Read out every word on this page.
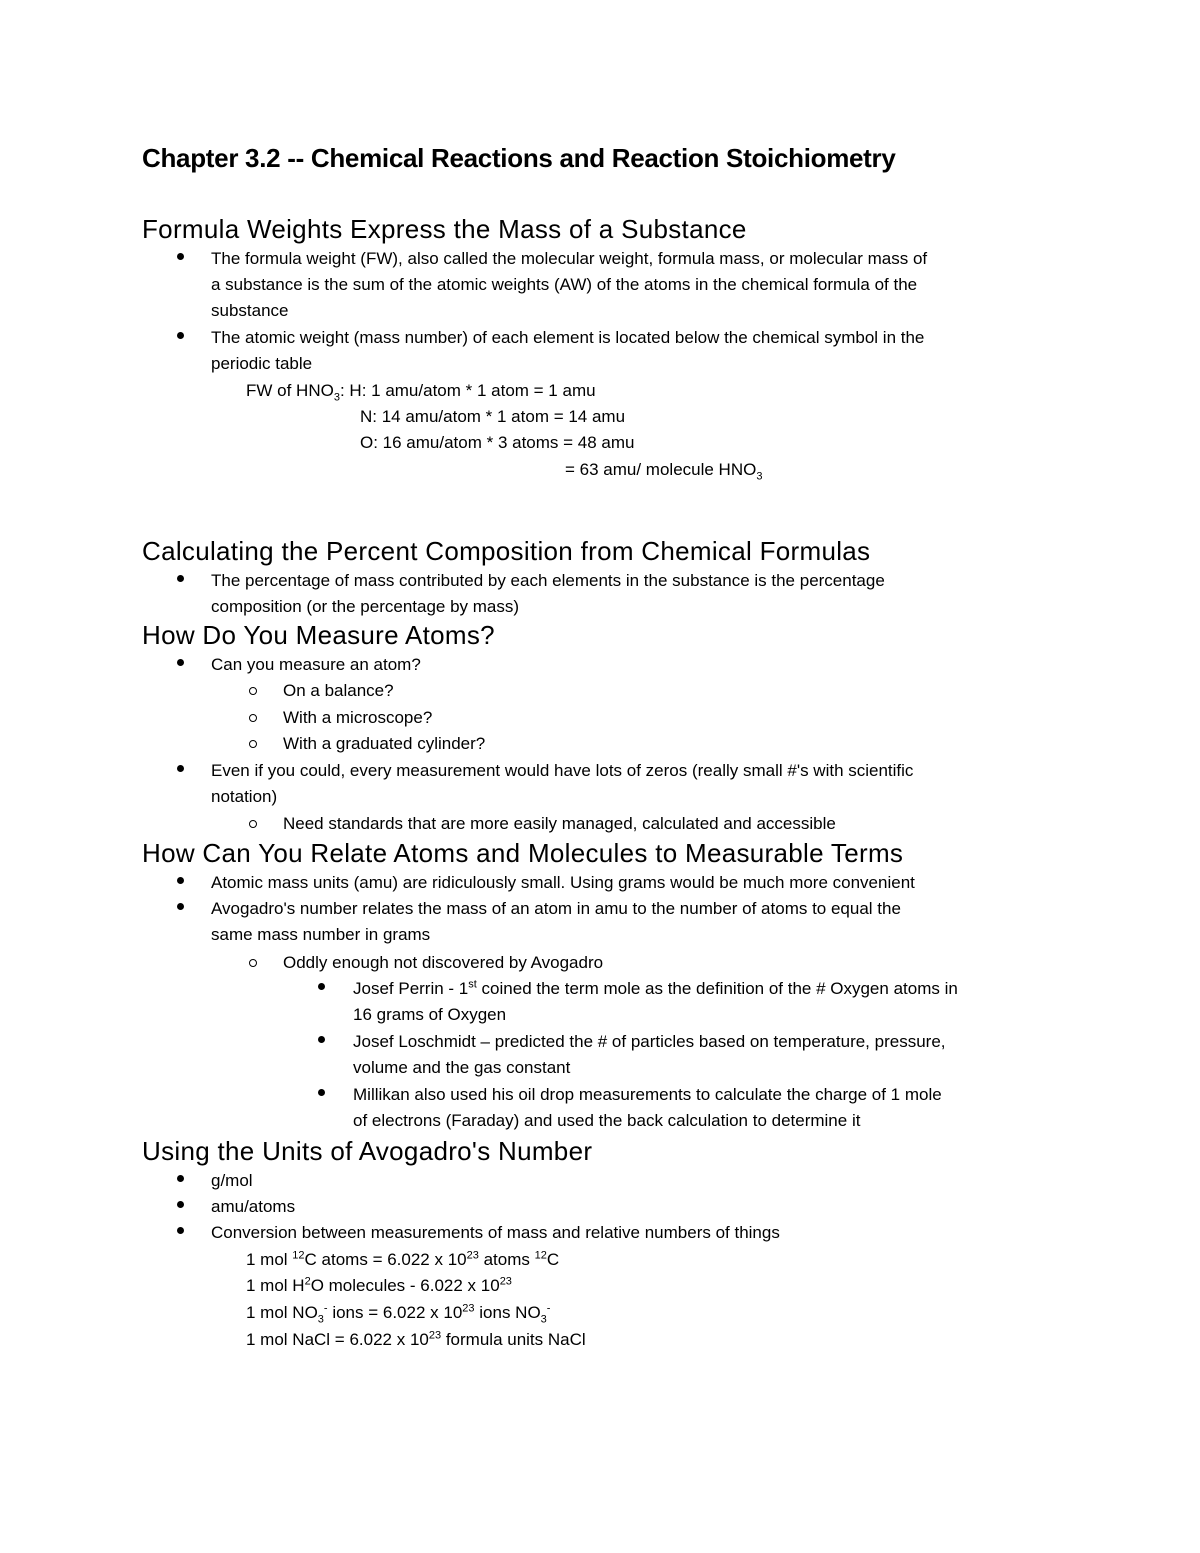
Chapter 3.2 -- Chemical Reactions and Reaction Stoichiometry
Formula Weights Express the Mass of a Substance
The formula weight (FW), also called the molecular weight, formula mass, or molecular mass of
a substance is the sum of the atomic weights (AW) of the atoms in the chemical formula of the
substance
The atomic weight (mass number) of each element is located below the chemical symbol in the
periodic table
FW of $HNO_3$: H: 1 amu/atom * 1 atom = 1 amu
N: 14 amu/atom * 1 atom = 14 amu
O: 16 amu/atom * 3 atoms = 48 amu
= 63 amu/ molecule $HNO_3$
Calculating the Percent Composition from Chemical Formulas
The percentage of mass contributed by each elements in the substance is the percentage
composition (or the percentage by mass)
How Do You Measure Atoms?
Can you measure an atom?
On a balance?
With a microscope?
With a graduated cylinder?
Even if you could, every measurement would have lots of zeros (really small #'s with scientific
notation)
Need standards that are more easily managed, calculated and accessible
How Can You Relate Atoms and Molecules to Measurable Terms
Atomic mass units (amu) are ridiculously small. Using grams would be much more convenient
Avogadro's number relates the mass of an atom in amu to the number of atoms to equal the
same mass number in grams
Oddly enough not discovered by Avogadro
Josef Perrin - 1st coined the term mole as the definition of the # Oxygen atoms in
16 grams of Oxygen
Josef Loschmidt – predicted the # of particles based on temperature, pressure,
volume and the gas constant
Millikan also used his oil drop measurements to calculate the charge of 1 mole
of electrons (Faraday) and used the back calculation to determine it
Using the Units of Avogadro's Number
g/mol
amu/atoms
Conversion between measurements of mass and relative numbers of things
1 mol $^{12}$C atoms = 6.022 x $10^{23}$ atoms $^{12}$C
1 mol $H^2O$ molecules - 6.022 x $10^{23}$
1 mol $NO_3^-$ ions = 6.022 x $10^{23}$ ions $NO_3^-$
1 mol NaCl = 6.022 x $10^{23}$ formula units NaCl
